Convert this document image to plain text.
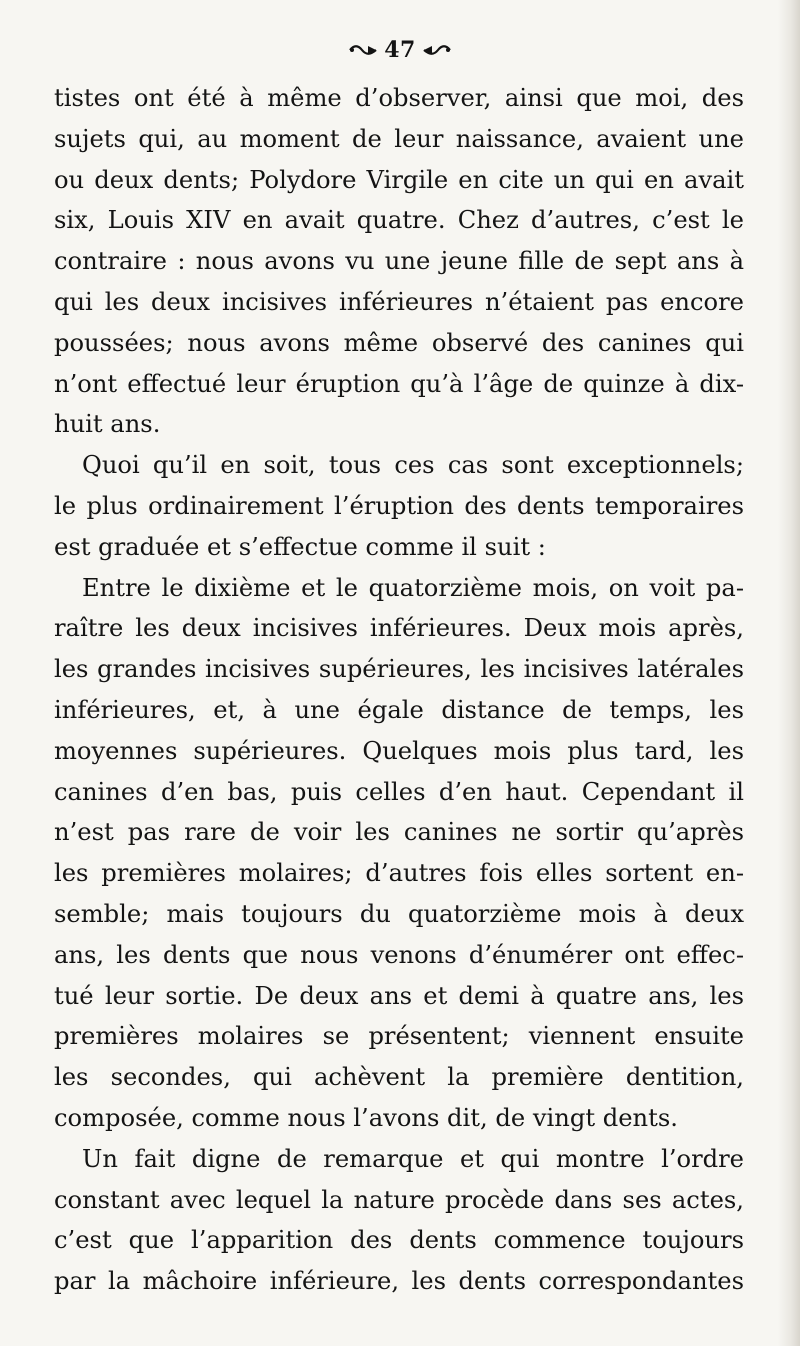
47
tistes ont été à même d’observer, ainsi que moi, des
sujets qui, au moment de leur naissance, avaient une
ou deux dents; Polydore Virgile en cite un qui en avait
six, Louis XIV en avait quatre. Chez d’autres, c’est le
contraire : nous avons vu une jeune fille de sept ans à
qui les deux incisives inférieures n’étaient pas encore
poussées; nous avons même observé des canines qui
n’ont effectué leur éruption qu’à l’âge de quinze à dix-
huit ans.
Quoi qu’il en soit, tous ces cas sont exceptionnels;
le plus ordinairement l’éruption des dents temporaires
est graduée et s’effectue comme il suit :
Entre le dixième et le quatorzième mois, on voit pa-
raître les deux incisives inférieures. Deux mois après,
les grandes incisives supérieures, les incisives latérales
inférieures, et, à une égale distance de temps, les
moyennes supérieures. Quelques mois plus tard, les
canines d’en bas, puis celles d’en haut. Cependant il
n’est pas rare de voir les canines ne sortir qu’après
les premières molaires; d’autres fois elles sortent en-
semble; mais toujours du quatorzième mois à deux
ans, les dents que nous venons d’énumérer ont effec-
tué leur sortie. De deux ans et demi à quatre ans, les
premières molaires se présentent; viennent ensuite
les secondes, qui achèvent la première dentition,
composée, comme nous l’avons dit, de vingt dents.
Un fait digne de remarque et qui montre l’ordre
constant avec lequel la nature procède dans ses actes,
c’est que l’apparition des dents commence toujours
par la mâchoire inférieure, les dents correspondantes
